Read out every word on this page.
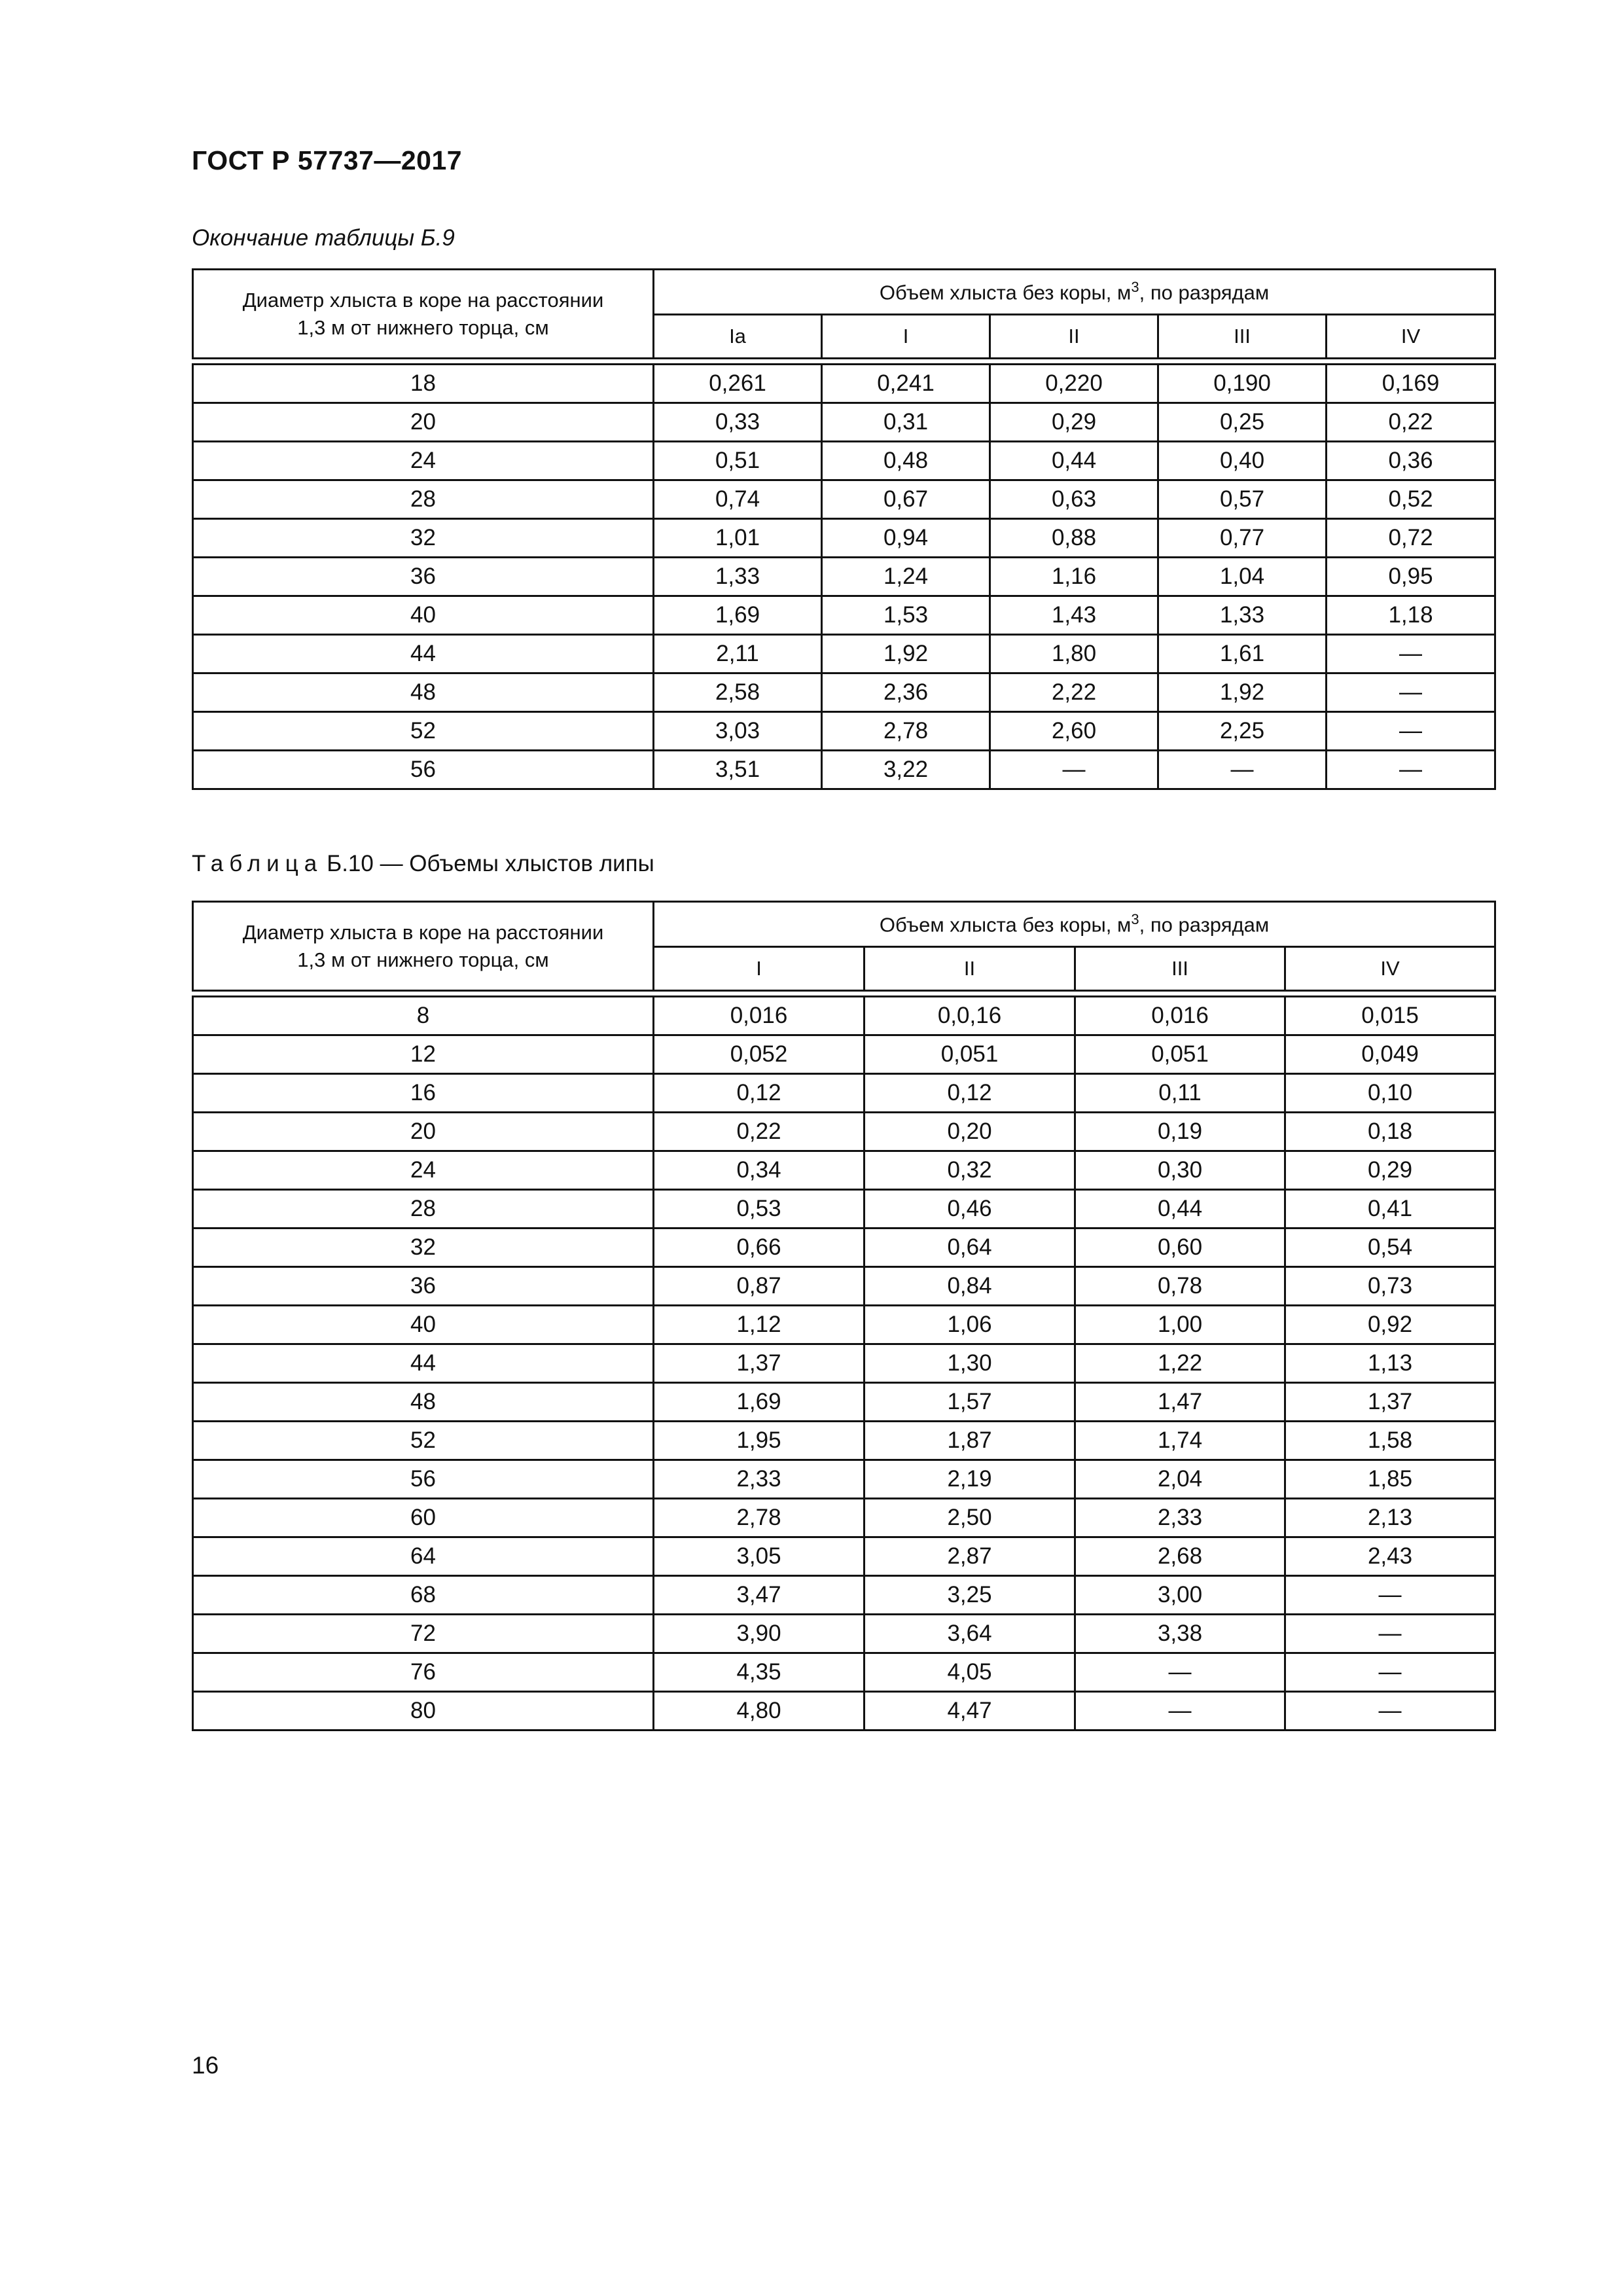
ГОСТ Р 57737—2017
Окончание таблицы Б.9
Диаметр хлыста в коре на расстоянии
1,3 м от нижнего торца, см	Объем хлыста без коры, $м^3$, по разрядам				
	Ia	I	II	III	IV

18	0,261	0,241	0,220	0,190	0,169
20	0,33	0,31	0,29	0,25	0,22
24	0,51	0,48	0,44	0,40	0,36
28	0,74	0,67	0,63	0,57	0,52
32	1,01	0,94	0,88	0,77	0,72
36	1,33	1,24	1,16	1,04	0,95
40	1,69	1,53	1,43	1,33	1,18
44	2,11	1,92	1,80	1,61	—
48	2,58	2,36	2,22	1,92	—
52	3,03	2,78	2,60	2,25	—
56	3,51	3,22	—	—	—
Таблица Б.10 — Объемы хлыстов липы
Диаметр хлыста в коре на расстоянии
1,3 м от нижнего торца, см	Объем хлыста без коры, $м^3$, по разрядам			
	I	II	III	IV

8	0,016	0,0,16	0,016	0,015
12	0,052	0,051	0,051	0,049
16	0,12	0,12	0,11	0,10
20	0,22	0,20	0,19	0,18
24	0,34	0,32	0,30	0,29
28	0,53	0,46	0,44	0,41
32	0,66	0,64	0,60	0,54
36	0,87	0,84	0,78	0,73
40	1,12	1,06	1,00	0,92
44	1,37	1,30	1,22	1,13
48	1,69	1,57	1,47	1,37
52	1,95	1,87	1,74	1,58
56	2,33	2,19	2,04	1,85
60	2,78	2,50	2,33	2,13
64	3,05	2,87	2,68	2,43
68	3,47	3,25	3,00	—
72	3,90	3,64	3,38	—
76	4,35	4,05	—	—
80	4,80	4,47	—	—
16
